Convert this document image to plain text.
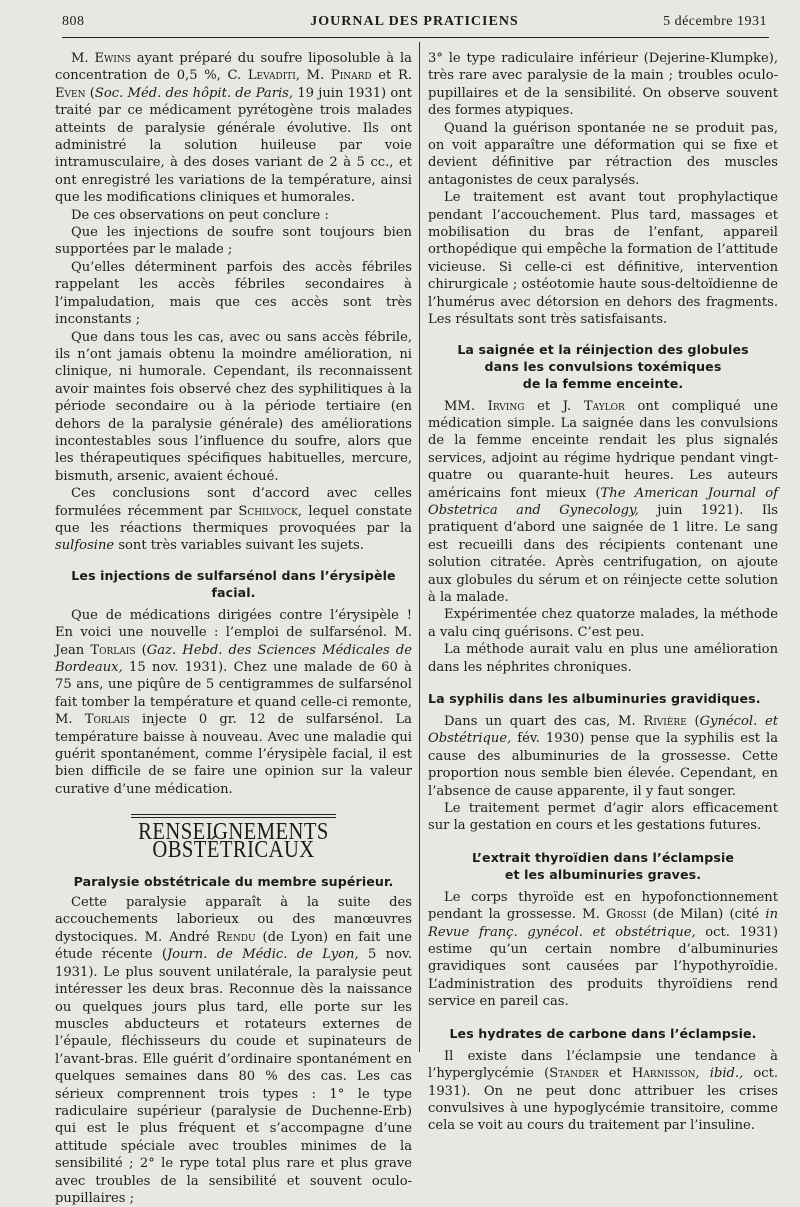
808	JOURNAL DES PRATICIENS	5 décembre 1931

M. Ewins ayant préparé du soufre liposoluble à la concentration de 0,5 %, C. Levaditi, M. Pinard et R. Even (Soc. Méd. des hôpit. de Paris, 19 juin 1931) ont traité par ce médicament pyrétogène trois malades atteints de paralysie générale évolutive. Ils ont administré la solution huileuse par voie intramusculaire, à des doses variant de 2 à 5 cc., et ont enregistré les variations de la température, ainsi que les modifications cliniques et humorales.

De ces observations on peut conclure :

Que les injections de soufre sont toujours bien supportées par le malade ;

Qu’elles déterminent parfois des accès fébriles rappelant les accès fébriles secondaires à l’impaludation, mais que ces accès sont très inconstants ;

Que dans tous les cas, avec ou sans accès fébrile, ils n’ont jamais obtenu la moindre amélioration, ni clinique, ni humorale. Cependant, ils reconnaissent avoir maintes fois observé chez des syphilitiques à la période secondaire ou à la période tertiaire (en dehors de la paralysie générale) des améliorations incontestables sous l’influence du soufre, alors que les thérapeutiques spécifiques habituelles, mercure, bismuth, arsenic, avaient échoué.

Ces conclusions sont d’accord avec celles formulées récemment par Schilvock, lequel constate que les réactions thermiques provoquées par la sulfosine sont très variables suivant les sujets.

Les injections de sulfarsénol dans l’érysipèle facial.

Que de médications dirigées contre l’érysipèle ! En voici une nouvelle : l’emploi de sulfarsénol. M. Jean Torlais (Gaz. Hebd. des Sciences Médicales de Bordeaux, 15 nov. 1931). Chez une malade de 60 à 75 ans, une piqûre de 5 centigrammes de sulfarsénol fait tomber la température et quand celle-ci remonte, M. Torlais injecte 0 gr. 12 de sulfarsénol. La température baisse à nouveau. Avec une maladie qui guérit spontanément, comme l’érysipèle facial, il est bien difficile de se faire une opinion sur la valeur curative d’une médication.

RENSEIGNEMENTS OBSTÉTRICAUX
Paralysie obstétricale du membre supérieur.

Cette paralysie apparaît à la suite des accouchements laborieux ou des manœuvres dystociques. M. André Rendu (de Lyon) en fait une étude récente (Journ. de Médic. de Lyon, 5 nov. 1931). Le plus souvent unilatérale, la paralysie peut intéresser les deux bras. Reconnue dès la naissance ou quelques jours plus tard, elle porte sur les muscles abducteurs et rotateurs externes de l’épaule, fléchisseurs du coude et supinateurs de l’avant-bras. Elle guérit d’ordinaire spontanément en quelques semaines dans 80 % des cas. Les cas sérieux comprennent trois types : 1° le type radiculaire supérieur (paralysie de Duchenne-Erb) qui est le plus fréquent et s’accompagne d’une attitude spéciale avec troubles minimes de la sensibilité ; 2° le rype total plus rare et plus grave avec troubles de la sensibilité et souvent oculo-pupillaires ;

3° le type radiculaire inférieur (Dejerine-Klumpke), très rare avec paralysie de la main ; troubles oculo-pupillaires et de la sensibilité. On observe souvent des formes atypiques.

Quand la guérison spontanée ne se produit pas, on voit apparaître une déformation qui se fixe et devient définitive par rétraction des muscles antagonistes de ceux paralysés.

Le traitement est avant tout prophylactique pendant l’accouchement. Plus tard, massages et mobilisation du bras de l’enfant, appareil orthopédique qui empêche la formation de l’attitude vicieuse. Si celle-ci est définitive, intervention chirurgicale ; ostéotomie haute sous-deltoïdienne de l’humérus avec détorsion en dehors des fragments. Les résultats sont très satisfaisants.

La saignée et la réinjection des globules
dans les convulsions toxémiques
de la femme enceinte.

MM. Irving et J. Taylor ont compliqué une médication simple. La saignée dans les convulsions de la femme enceinte rendait les plus signalés services, adjoint au régime hydrique pendant vingt-quatre ou quarante-huit heures. Les auteurs américains font mieux (The American Journal of Obstetrica and Gynecology, juin 1921). Ils pratiquent d’abord une saignée de 1 litre. Le sang est recueilli dans des récipients contenant une solution citratée. Après centrifugation, on ajoute aux globules du sérum et on réinjecte cette solution à la malade.

Expérimentée chez quatorze malades, la méthode a valu cinq guérisons. C’est peu.

La méthode aurait valu en plus une amélioration dans les néphrites chroniques.

La syphilis dans les albuminuries gravidiques.

Dans un quart des cas, M. Rivière (Gynécol. et Obstétrique, fév. 1930) pense que la syphilis est la cause des albuminuries de la grossesse. Cette proportion nous semble bien élevée. Cependant, en l’absence de cause apparente, il y faut songer.

Le traitement permet d’agir alors efficacement sur la gestation en cours et les gestations futures.

L’extrait thyroïdien dans l’éclampsie
et les albuminuries graves.

Le corps thyroïde est en hypofonctionnement pendant la grossesse. M. Grossi (de Milan) (cité in Revue franç. gynécol. et obstétrique, oct. 1931) estime qu’un certain nombre d’albuminuries gravidiques sont causées par l’hypothyroïdie. L’administration des produits thyroïdiens rend service en pareil cas.

Les hydrates de carbone dans l’éclampsie.

Il existe dans l’éclampsie une tendance à l’hyperglycémie (Stander et Harnisson, ibid., oct. 1931). On ne peut donc attribuer les crises convulsives à une hypoglycémie transitoire, comme cela se voit au cours du traitement par l’insuline.
